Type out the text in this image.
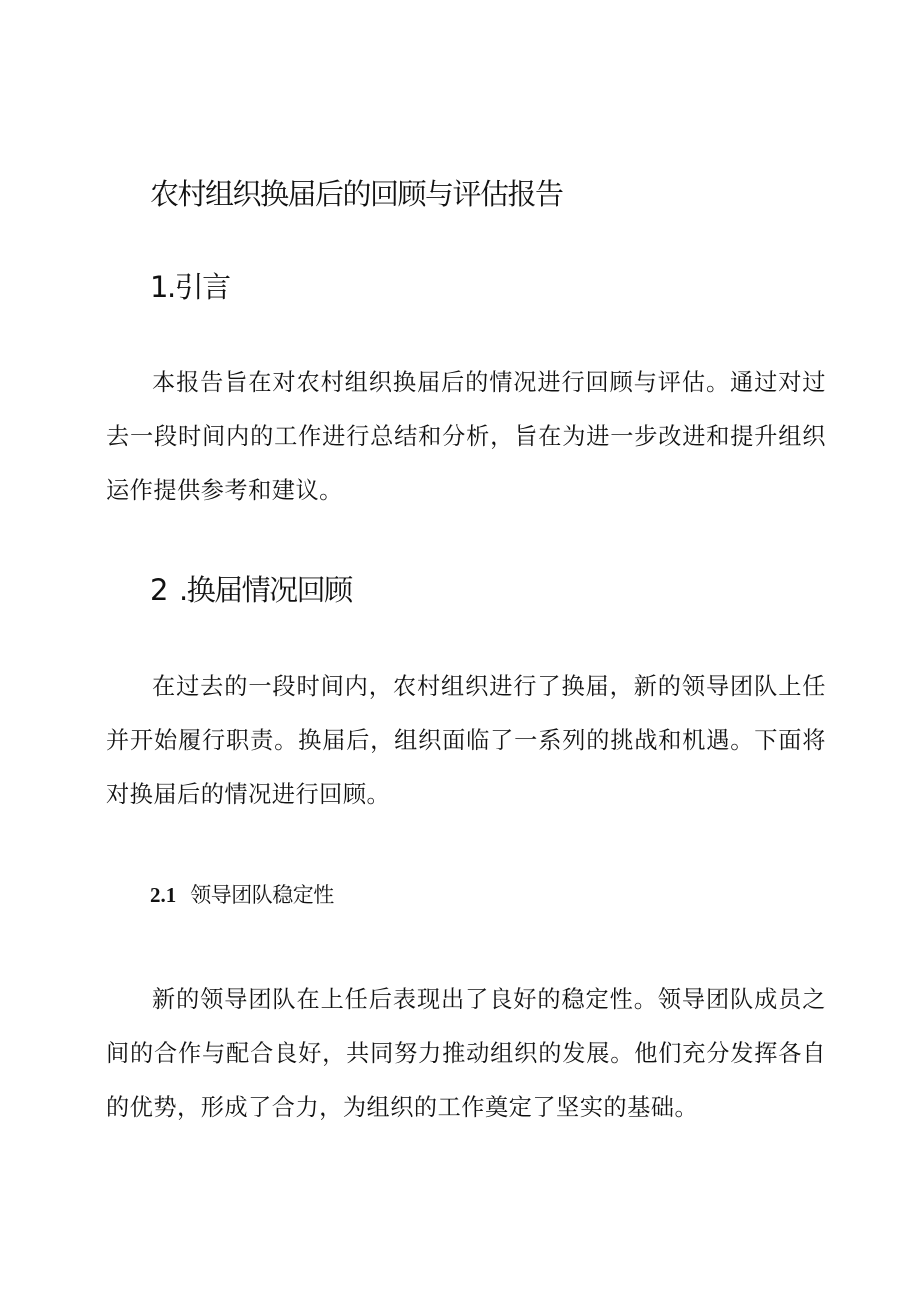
农村组织换届后的回顾与评估报告
1.引言

本报告旨在对农村组织换届后的情况进行回顾与评估。通过对过去一段时间内的工作进行总结和分析，旨在为进一步改进和提升组织运作提供参考和建议。

2 .换届情况回顾

在过去的一段时间内，农村组织进行了换届，新的领导团队上任并开始履行职责。换届后，组织面临了一系列的挑战和机遇。下面将对换届后的情况进行回顾。

2.1 领导团队稳定性

新的领导团队在上任后表现出了良好的稳定性。领导团队成员之间的合作与配合良好，共同努力推动组织的发展。他们充分发挥各自的优势，形成了合力，为组织的工作奠定了坚实的基础。
